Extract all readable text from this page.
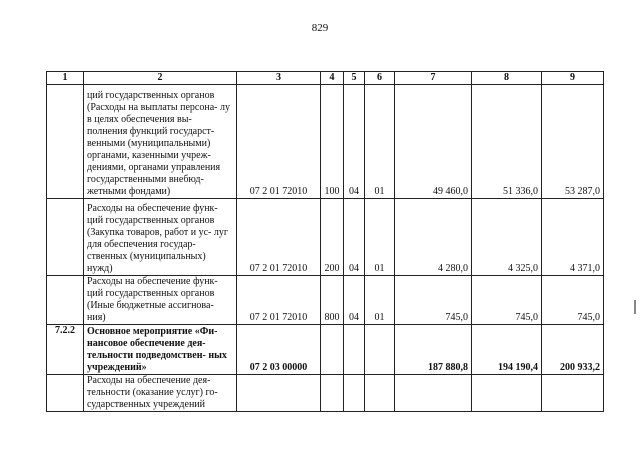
829
1	2	3	4	5	6	7	8	9
	ций государственных органов (Расходы на выплаты персона- лу в целях обеспечения вы- полнения функций государст- венными (муниципальными) органами, казенными учреж- дениями, органами управления государственными внебюд- жетными фондами)	07 2 01 72010	100	04	01	49 460,0	51 336,0	53 287,0
	Расходы на обеспечение функ- ций государственных органов (Закупка товаров, работ и ус- луг для обеспечения государ- ственных (муниципальных) нужд)	07 2 01 72010	200	04	01	4 280,0	4 325,0	4 371,0
	Расходы на обеспечение функ- ций государственных органов (Иные бюджетные ассигнова- ния)	07 2 01 72010	800	04	01	745,0	745,0	745,0
7.2.2	Основное мероприятие «Фи- нансовое обеспечение дея- тельности подведомствен- ных учреждений»	07 2 03 00000				187 880,8	194 190,4	200 933,2
	Расходы на обеспечение дея- тельности (оказание услуг) го- сударственных учреждений							
